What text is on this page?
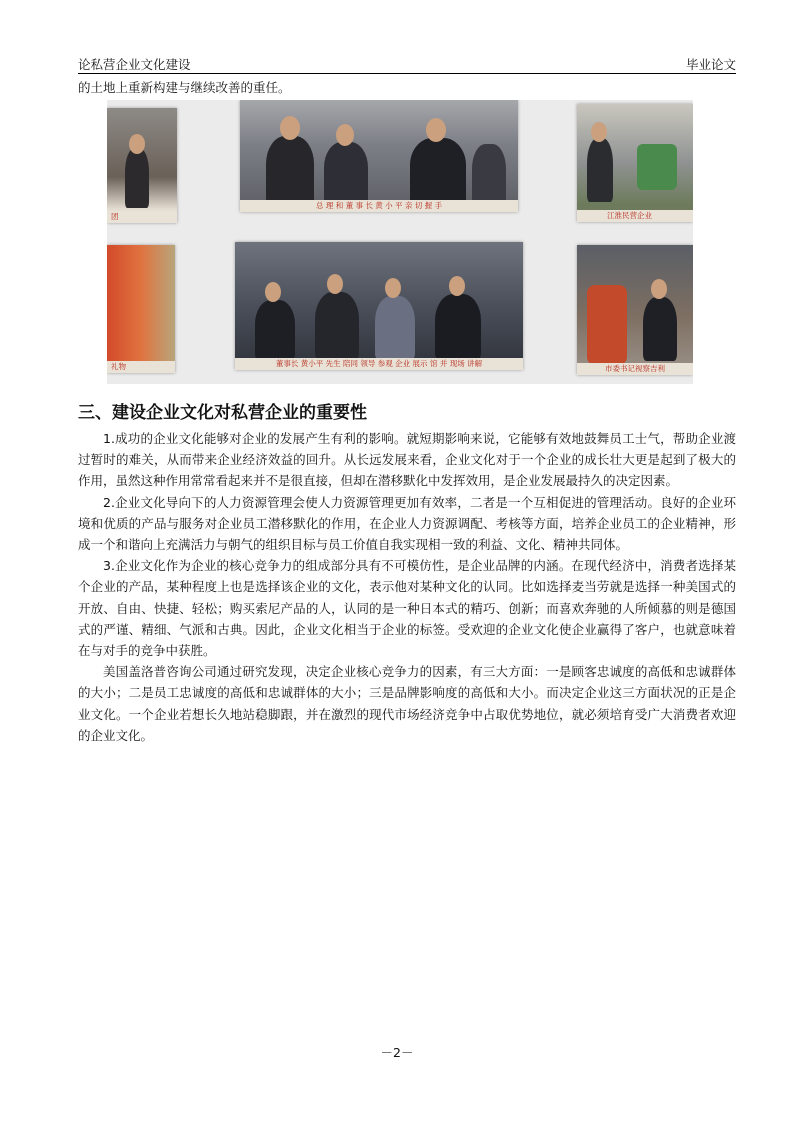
论私营企业文化建设	毕业论文
的土地上重新构建与继续改善的重任。
团
总 理 和 董 事 长 黄 小 平 亲 切 握 手
江淮民营企业
礼物	董事长 黄小平 先生 陪同 领导 参观 企业 展示 馆 并 现场 讲解
市委书记视察吉利
三、建设企业文化对私营企业的重要性

1.成功的企业文化能够对企业的发展产生有利的影响。就短期影响来说，它能够有效地鼓舞员工士气，帮助企业渡过暂时的难关，从而带来企业经济效益的回升。从长远发展来看，企业文化对于一个企业的成长壮大更是起到了极大的作用，虽然这种作用常常看起来并不是很直接，但却在潜移默化中发挥效用，是企业发展最持久的决定因素。

2.企业文化导向下的人力资源管理会使人力资源管理更加有效率，二者是一个互相促进的管理活动。良好的企业环境和优质的产品与服务对企业员工潜移默化的作用，在企业人力资源调配、考核等方面，培养企业员工的企业精神，形成一个和谐向上充满活力与朝气的组织目标与员工价值自我实现相一致的利益、文化、精神共同体。

3.企业文化作为企业的核心竞争力的组成部分具有不可模仿性，是企业品牌的内涵。在现代经济中，消费者选择某个企业的产品，某种程度上也是选择该企业的文化，表示他对某种文化的认同。比如选择麦当劳就是选择一种美国式的开放、自由、快捷、轻松；购买索尼产品的人，认同的是一种日本式的精巧、创新；而喜欢奔驰的人所倾慕的则是德国式的严谨、精细、气派和古典。因此，企业文化相当于企业的标签。受欢迎的企业文化使企业赢得了客户，也就意味着在与对手的竞争中获胜。

美国盖洛普咨询公司通过研究发现，决定企业核心竞争力的因素，有三大方面：一是顾客忠诚度的高低和忠诚群体的大小；二是员工忠诚度的高低和忠诚群体的大小；三是品牌影响度的高低和大小。而决定企业这三方面状况的正是企业文化。一个企业若想长久地站稳脚跟，并在激烈的现代市场经济竞争中占取优势地位，就必须培育受广大消费者欢迎的企业文化。

－2－
